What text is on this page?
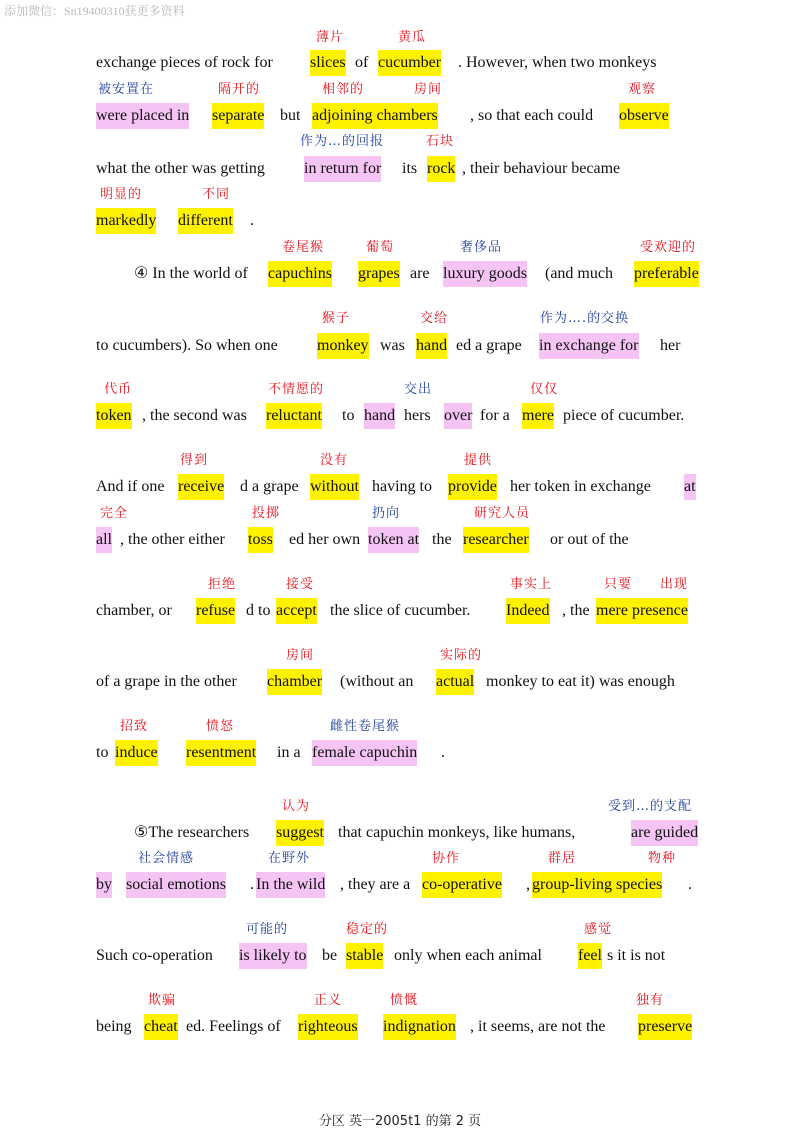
添加微信：Sn19400310获更多资料
exchange pieces of rock for slices of cucumber . However, when two monkeys
were placed in separate but adjoining chambers , so that each could observe
what the other was getting in return for its rock , their behaviour became
markedly different .
④ In the world of capuchins grapes are luxury goods (and much preferable
to cucumbers). So when one monkey was hand ed a grape in exchange for her
token , the second was reluctant to hand hers over for a mere piece of cucumber.
And if one receive d a grape without having to provide her token in exchange at
all , the other either toss ed her own token at the researcher or out of the
chamber, or refuse d to accept the slice of cucumber. Indeed , the mere presence
of a grape in the other chamber (without an actual monkey to eat it) was enough
to induce resentment in a female capuchin .
⑤The researchers suggest that capuchin monkeys, like humans,	are guided
by social emotions . In the wild , they are a co-operative , group-living species .
Such co-operation is likely to be stable only when each animal feel s it is not
being cheat ed. Feelings of righteous indignation , it seems, are not the preserve
薄片	黄瓜
被安置在	隔开的	相邻的	房间	观察
作为…的回报	石块
明显的	不同
卷尾猴	葡萄	奢侈品	受欢迎的
猴子	交给	作为….的交换
代币	不情愿的	交出	仅仅
得到	没有	提供
完全	投掷	扔向	研究人员
拒绝	接受	事实上	只要 出现
房间	实际的
招致	愤怒	雌性卷尾猴
认为	受到…的支配
社会情感	在野外	协作	群居	物种
可能的	稳定的	感觉
欺骗	正义	愤慨	独有
分区 英一2005t1 的第 2 页
